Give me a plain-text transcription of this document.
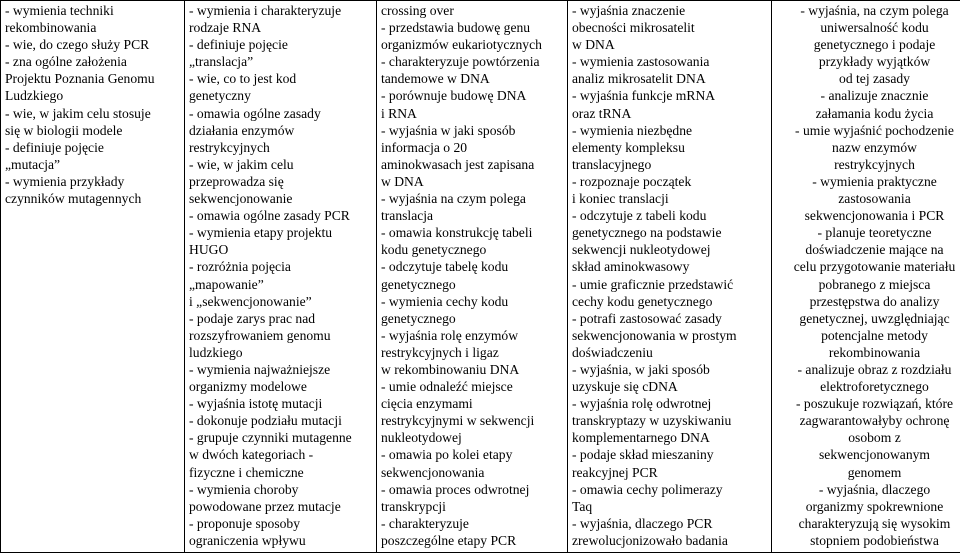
- wymienia techniki
rekombinowania
- wie, do czego służy PCR
- zna ogólne założenia
Projektu Poznania Genomu
Ludzkiego
- wie, w jakim celu stosuje
się w biologii modele
- definiuje pojęcie
„mutacja”
- wymienia przykłady
czynników mutagennych

- wymienia i charakteryzuje
rodzaje RNA
- definiuje pojęcie
„translacja”
- wie, co to jest kod
genetyczny
- omawia ogólne zasady
działania enzymów
restrykcyjnych
- wie, w jakim celu
przeprowadza się
sekwencjonowanie
- omawia ogólne zasady PCR
- wymienia etapy projektu
HUGO
- rozróżnia pojęcia
„mapowanie”
i „sekwencjonowanie”
- podaje zarys prac nad
rozszyfrowaniem genomu
ludzkiego
- wymienia najważniejsze
organizmy modelowe
- wyjaśnia istotę mutacji
- dokonuje podziału mutacji
- grupuje czynniki mutagenne
w dwóch kategoriach -
fizyczne i chemiczne
- wymienia choroby
powodowane przez mutacje
- proponuje sposoby
ograniczenia wpływu

crossing over
- przedstawia budowę genu
organizmów eukariotycznych
- charakteryzuje powtórzenia
tandemowe w DNA
- porównuje budowę DNA
i RNA
- wyjaśnia w jaki sposób
informacja o 20
aminokwasach jest zapisana
w DNA
- wyjaśnia na czym polega
translacja
- omawia konstrukcję tabeli
kodu genetycznego
- odczytuje tabelę kodu
genetycznego
- wymienia cechy kodu
genetycznego
- wyjaśnia rolę enzymów
restrykcyjnych i ligaz
w rekombinowaniu DNA
- umie odnaleźć miejsce
cięcia enzymami
restrykcyjnymi w sekwencji
nukleotydowej
- omawia po kolei etapy
sekwencjonowania
- omawia proces odwrotnej
transkrypcji
- charakteryzuje
poszczególne etapy PCR

- wyjaśnia znaczenie
obecności mikrosatelit
w DNA
- wymienia zastosowania
analiz mikrosatelit DNA
- wyjaśnia funkcje mRNA
oraz tRNA
- wymienia niezbędne
elementy kompleksu
translacyjnego
- rozpoznaje początek
i koniec translacji
- odczytuje z tabeli kodu
genetycznego na podstawie
sekwencji nukleotydowej
skład aminokwasowy
- umie graficznie przedstawić
cechy kodu genetycznego
- potrafi zastosować zasady
sekwencjonowania w prostym
doświadczeniu
- wyjaśnia, w jaki sposób
uzyskuje się cDNA
- wyjaśnia rolę odwrotnej
transkryptazy w uzyskiwaniu
komplementarnego DNA
- podaje skład mieszaniny
reakcyjnej PCR
- omawia cechy polimerazy
Taq
- wyjaśnia, dlaczego PCR
zrewolucjonizowało badania

- wyjaśnia, na czym polega
uniwersalność kodu
genetycznego i podaje
przykłady wyjątków
od tej zasady
- analizuje znacznie
załamania kodu życia
- umie wyjaśnić pochodzenie
nazw enzymów
restrykcyjnych
- wymienia praktyczne
zastosowania
sekwencjonowania i PCR
- planuje teoretyczne
doświadczenie mające na
celu przygotowanie materiału
pobranego z miejsca
przestępstwa do analizy
genetycznej, uwzględniając
potencjalne metody
rekombinowania
- analizuje obraz z rozdziału
elektroforetycznego
- poszukuje rozwiązań, które
zagwarantowałyby ochronę
osobom z
sekwencjonowanym
genomem
- wyjaśnia, dlaczego
organizmy spokrewnione
charakteryzują się wysokim
stopniem podobieństwa
